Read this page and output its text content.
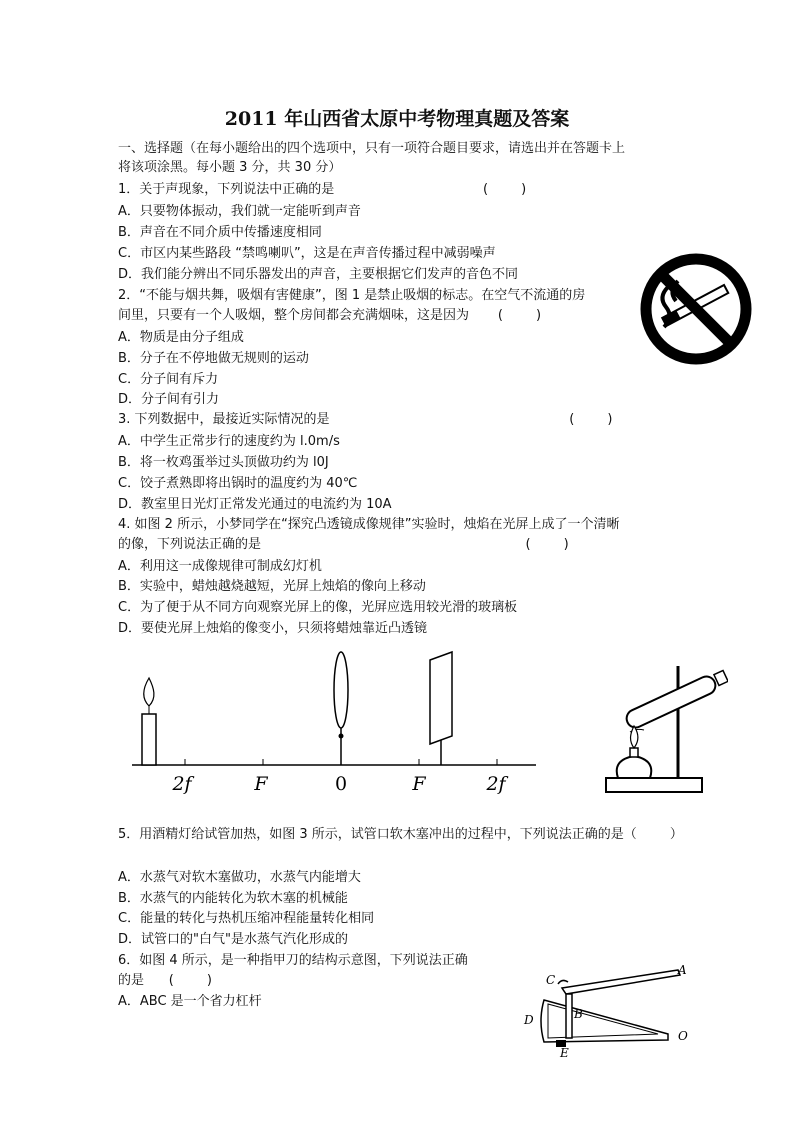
2011 年山西省太原中考物理真题及答案
一、选择题（在每小题给出的四个选项中，只有一项符合题目要求，请选出并在答题卡上
将该项涂黑。每小题 3 分，共 30 分）
1．关于声现象，下列说法中正确的是                                    (        )
A．只要物体振动，我们就一定能听到声音
B．声音在不同介质中传播速度相同
C．市区内某些路段 “禁鸣喇叭”，这是在声音传播过程中减弱噪声
D．我们能分辨出不同乐器发出的声音，主要根据它们发声的音色不同
2．“不能与烟共舞，吸烟有害健康”，图 1 是禁止吸烟的标志。在空气不流通的房
间里，只要有一个人吸烟，整个房间都会充满烟味，这是因为       (        )
A．物质是由分子组成
B．分子在不停地做无规则的运动
C．分子间有斥力
D．分子间有引力
3. 下列数据中，最接近实际情况的是                                                          (        )
A．中学生正常步行的速度约为 l.0m/s
B．将一枚鸡蛋举过头顶做功约为 l0J
C．饺子煮熟即将出锅时的温度约为 40℃
D．教室里日光灯正常发光通过的电流约为 10A
4. 如图 2 所示，小梦同学在“探究凸透镜成像规律”实验时，烛焰在光屏上成了一个清晰
的像，下列说法正确的是                                                                (        )
A．利用这一成像规律可制成幻灯机
B．实验中，蜡烛越烧越短，光屏上烛焰的像向上移动
C．为了便于从不同方向观察光屏上的像，光屏应选用较光滑的玻璃板
D．要使光屏上烛焰的像变小，只须将蜡烛靠近凸透镜
5．用酒精灯给试管加热，如图 3 所示，试管口软木塞冲出的过程中，下列说法正确的是（        ）
A．水蒸气对软木塞做功，水蒸气内能增大
B．水蒸气的内能转化为软木塞的机械能
C．能量的转化与热机压缩冲程能量转化相同
D．试管口的"白气"是水蒸气汽化形成的
6．如图 4 所示，是一种指甲刀的结构示意图，下列说法正确
的是      (        )
A．ABC 是一个省力杠杆
2f	F	0	F	2f
C
A
B
D
E
O
